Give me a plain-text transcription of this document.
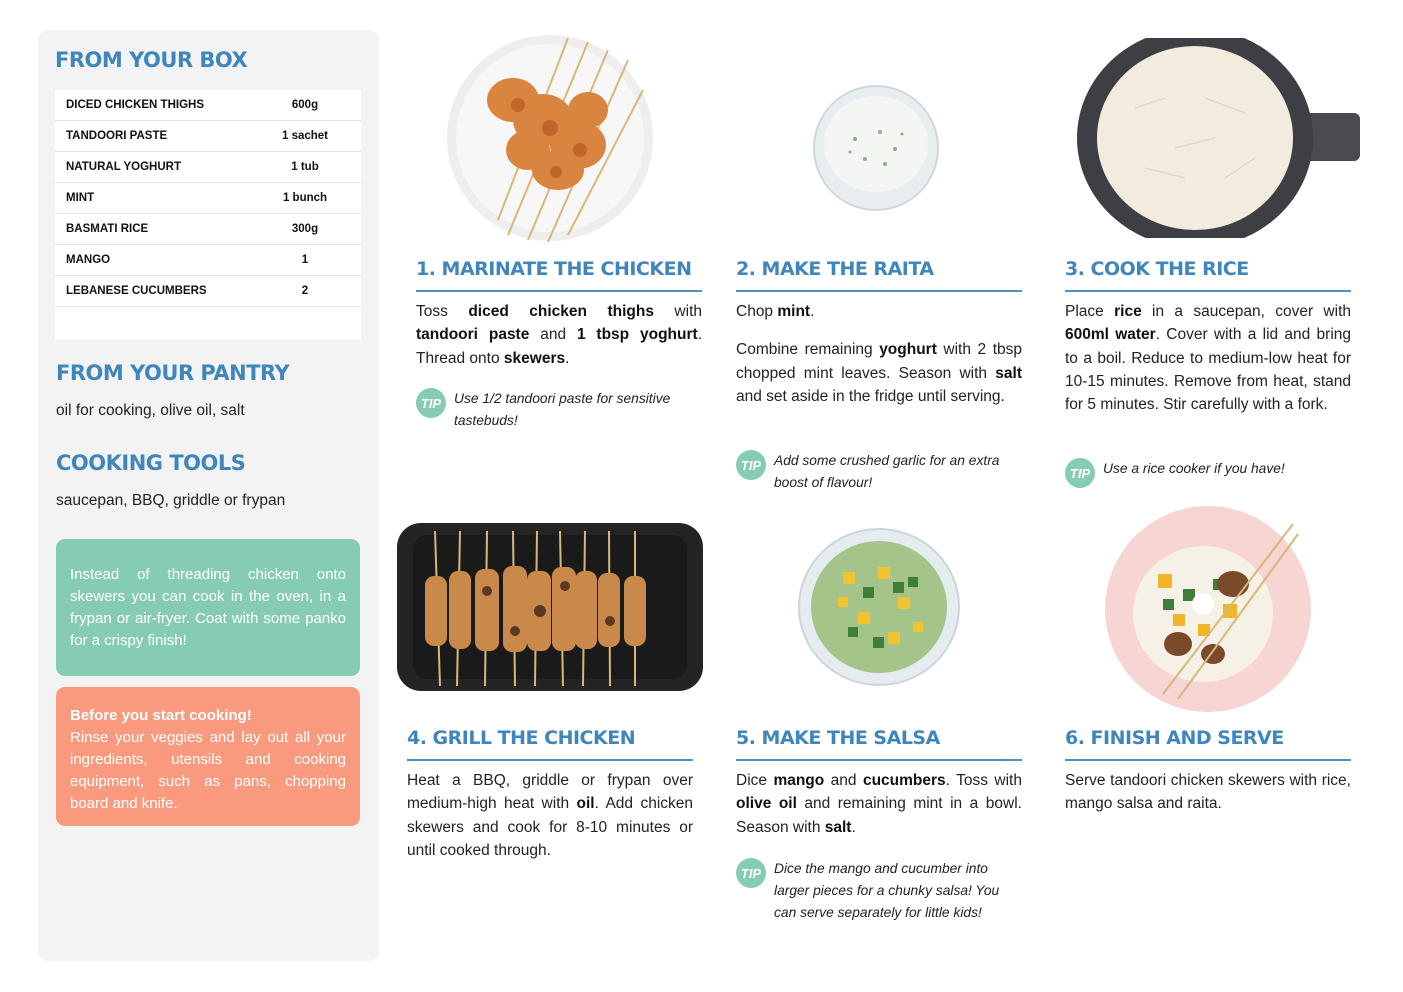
FROM YOUR BOX
DICED CHICKEN THIGHS	600g
TANDOORI PASTE	1 sachet
NATURAL YOGHURT	1 tub
MINT	1 bunch
BASMATI RICE	300g
MANGO	1
LEBANESE CUCUMBERS	2
FROM YOUR PANTRY
oil for cooking, olive oil, salt
COOKING TOOLS
saucepan, BBQ, griddle or frypan
Instead of threading chicken onto skewers you can cook in the oven, in a frypan or air-fryer. Coat with some panko for a crispy finish!
Before you start cooking!
Rinse your veggies and lay out all your ingredients, utensils and cooking equipment, such as pans, chopping board and knife.
1. MARINATE THE CHICKEN
Toss diced chicken thighs with tandoori paste and 1 tbsp yoghurt. Thread onto skewers.
TIP Use 1/2 tandoori paste for sensitive tastebuds!
2. MAKE THE RAITA
Chop mint.
Combine remaining yoghurt with 2 tbsp chopped mint leaves. Season with salt and set aside in the fridge until serving.
TIP Add some crushed garlic for an extra boost of flavour!
3. COOK THE RICE
Place rice in a saucepan, cover with 600ml water. Cover with a lid and bring to a boil. Reduce to medium-low heat for 10-15 minutes. Remove from heat, stand for 5 minutes. Stir carefully with a fork.
TIP Use a rice cooker if you have!
4. GRILL THE CHICKEN
Heat a BBQ, griddle or frypan over medium-high heat with oil. Add chicken skewers and cook for 8-10 minutes or until cooked through.
5. MAKE THE SALSA
Dice mango and cucumbers. Toss with olive oil and remaining mint in a bowl. Season with salt.
TIP Dice the mango and cucumber into larger pieces for a chunky salsa! You can serve separately for little kids!
6. FINISH AND SERVE
Serve tandoori chicken skewers with rice, mango salsa and raita.
